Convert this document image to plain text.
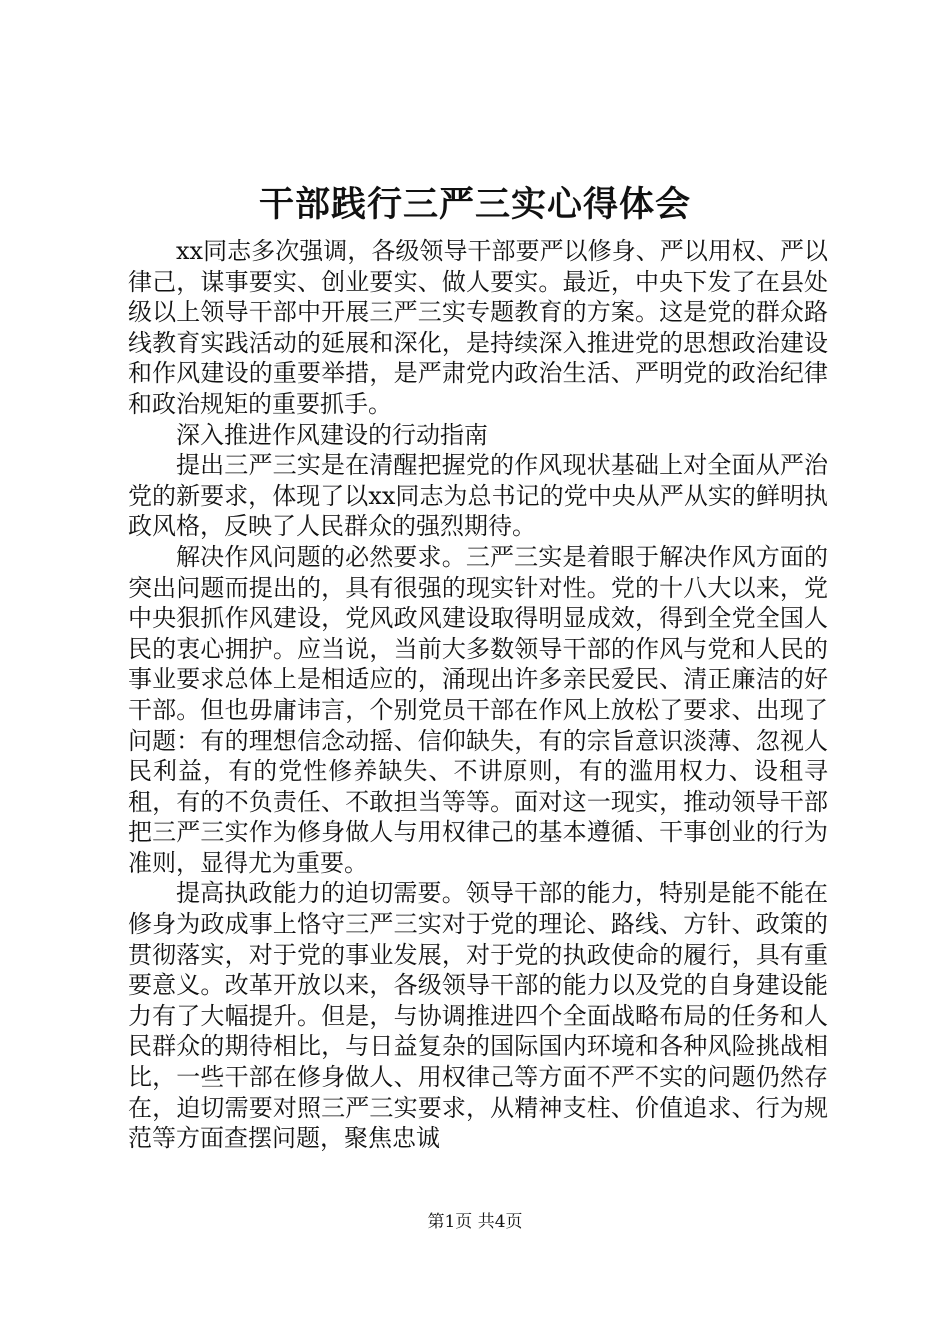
干部践行三严三实心得体会

xx同志多次强调，各级领导干部要严以修身、严以用权、严以律己，谋事要实、创业要实、做人要实。最近，中央下发了在县处级以上领导干部中开展三严三实专题教育的方案。这是党的群众路线教育实践活动的延展和深化，是持续深入推进党的思想政治建设和作风建设的重要举措，是严肃党内政治生活、严明党的政治纪律和政治规矩的重要抓手。

深入推进作风建设的行动指南

提出三严三实是在清醒把握党的作风现状基础上对全面从严治党的新要求，体现了以xx同志为总书记的党中央从严从实的鲜明执政风格，反映了人民群众的强烈期待。

解决作风问题的必然要求。三严三实是着眼于解决作风方面的突出问题而提出的，具有很强的现实针对性。党的十八大以来，党中央狠抓作风建设，党风政风建设取得明显成效，得到全党全国人民的衷心拥护。应当说，当前大多数领导干部的作风与党和人民的事业要求总体上是相适应的，涌现出许多亲民爱民、清正廉洁的好干部。但也毋庸讳言，个别党员干部在作风上放松了要求、出现了问题：有的理想信念动摇、信仰缺失，有的宗旨意识淡薄、忽视人民利益，有的党性修养缺失、不讲原则，有的滥用权力、设租寻租，有的不负责任、不敢担当等等。面对这一现实，推动领导干部把三严三实作为修身做人与用权律己的基本遵循、干事创业的行为准则，显得尤为重要。

提高执政能力的迫切需要。领导干部的能力，特别是能不能在修身为政成事上恪守三严三实对于党的理论、路线、方针、政策的贯彻落实，对于党的事业发展，对于党的执政使命的履行，具有重要意义。改革开放以来，各级领导干部的能力以及党的自身建设能力有了大幅提升。但是，与协调推进四个全面战略布局的任务和人民群众的期待相比，与日益复杂的国际国内环境和各种风险挑战相比，一些干部在修身做人、用权律己等方面不严不实的问题仍然存在，迫切需要对照三严三实要求，从精神支柱、价值追求、行为规范等方面查摆问题，聚焦忠诚

第1页 共4页
